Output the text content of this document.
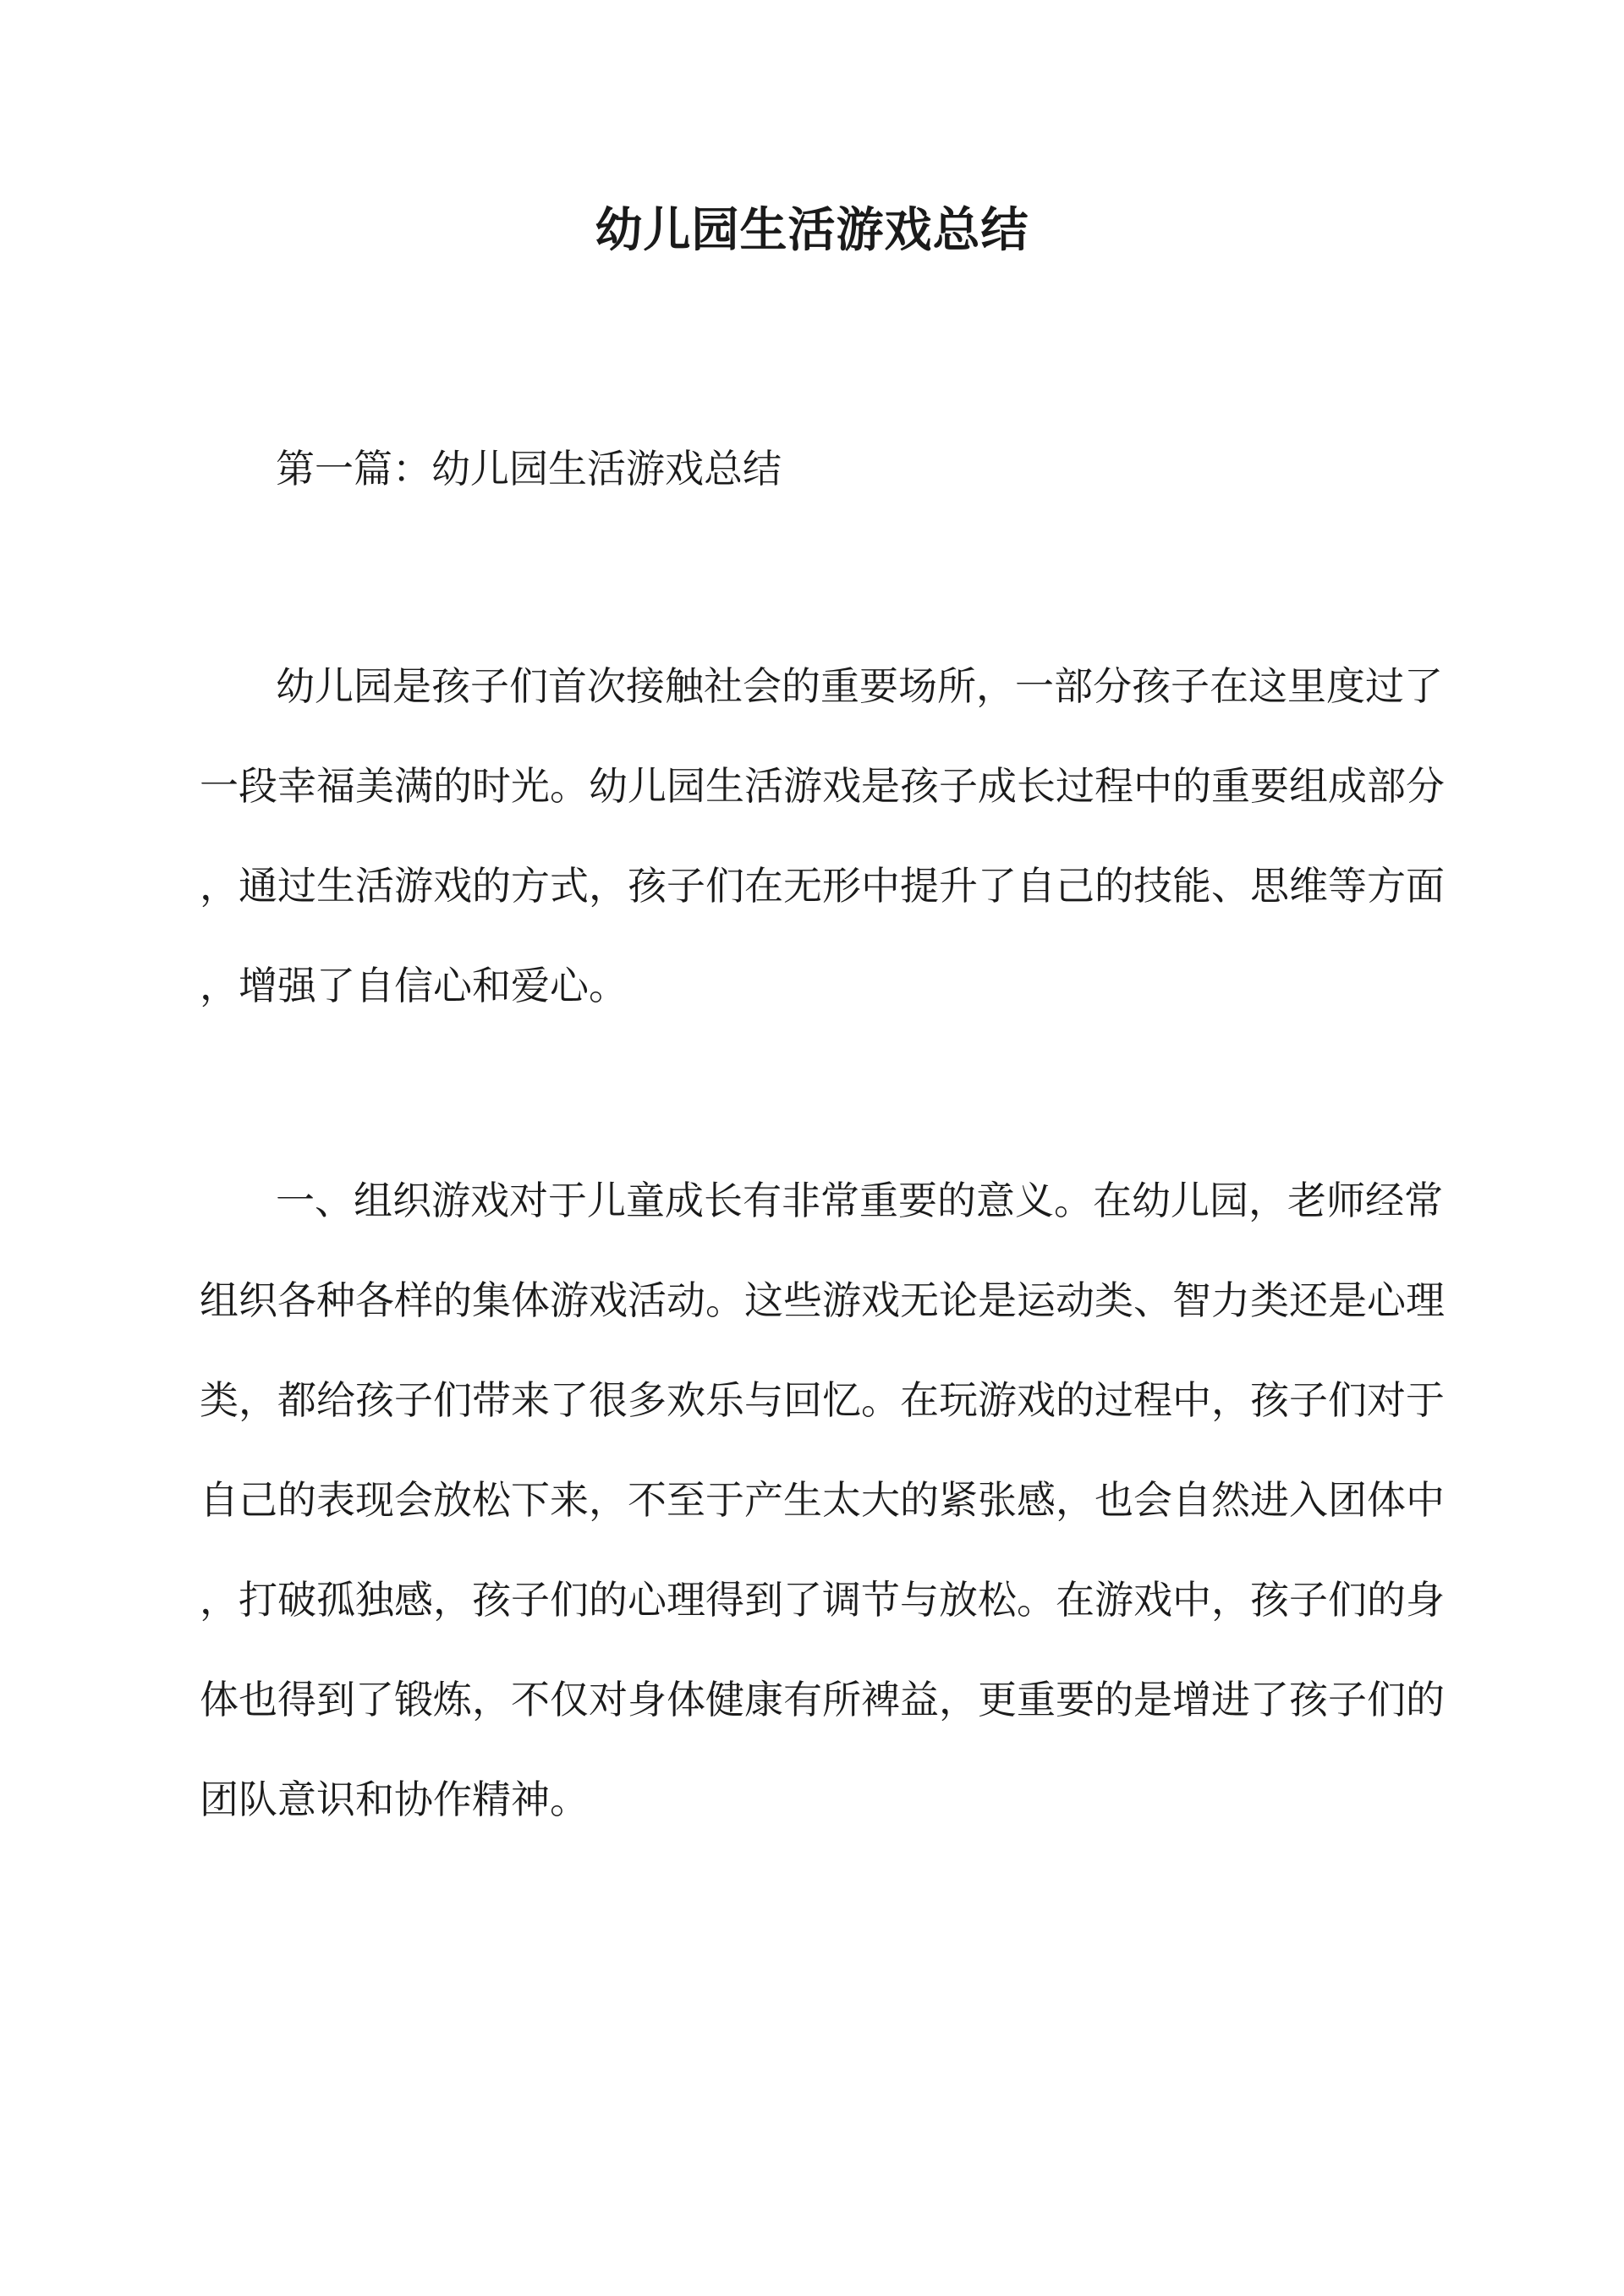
幼儿园生活游戏总结
第一篇：幼儿园生活游戏总结
幼儿园是孩子们首次接触社会的重要场所，一部分孩子在这里度过了
一段幸福美满的时光。幼儿园生活游戏是孩子成长过程中的重要组成部分
，通过生活游戏的方式，孩子们在无形中提升了自己的技能、思维等方面
，增强了自信心和爱心。
一、组织游戏对于儿童成长有非常重要的意义。在幼儿园，老师经常
组织各种各样的集体游戏活动。这些游戏无论是运动类、智力类还是心理
类，都给孩子们带来了很多欢乐与回忆。在玩游戏的过程中，孩子们对于
自己的表现会放松下来，不至于产生太大的紧张感，也会自然进入团体中
，打破孤独感，孩子们的心理得到了调节与放松。在游戏中，孩子们的身
体也得到了锻炼，不仅对身体健康有所裨益，更重要的是增进了孩子们的
团队意识和协作精神。
